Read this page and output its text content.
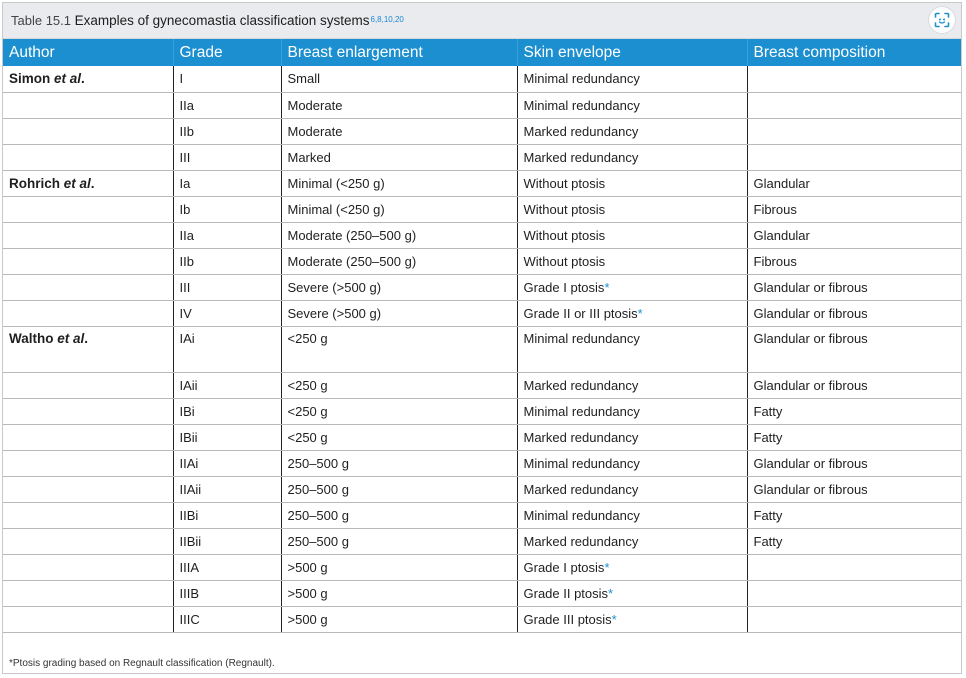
Table 15.1 Examples of gynecomastia classification systems$^{6,8,10,20}$
Author	Grade	Breast enlargement	Skin envelope	Breast composition
Simon et al.	I	Small	Minimal redundancy	
	IIa	Moderate	Minimal redundancy	
	IIb	Moderate	Marked redundancy	
	III	Marked	Marked redundancy	
Rohrich et al.	Ia	Minimal (<250 g)	Without ptosis	Glandular
	Ib	Minimal (<250 g)	Without ptosis	Fibrous
	IIa	Moderate (250–500 g)	Without ptosis	Glandular
	IIb	Moderate (250–500 g)	Without ptosis	Fibrous
	III	Severe (>500 g)	Grade I ptosis*	Glandular or fibrous
	IV	Severe (>500 g)	Grade II or III ptosis*	Glandular or fibrous
Waltho et al.	IAi	<250 g	Minimal redundancy	Glandular or fibrous
	IAii	<250 g	Marked redundancy	Glandular or fibrous
	IBi	<250 g	Minimal redundancy	Fatty
	IBii	<250 g	Marked redundancy	Fatty
	IIAi	250–500 g	Minimal redundancy	Glandular or fibrous
	IIAii	250–500 g	Marked redundancy	Glandular or fibrous
	IIBi	250–500 g	Minimal redundancy	Fatty
	IIBii	250–500 g	Marked redundancy	Fatty
	IIIA	>500 g	Grade I ptosis*	
	IIIB	>500 g	Grade II ptosis*	
	IIIC	>500 g	Grade III ptosis*	
*Ptosis grading based on Regnault classification (Regnault).
